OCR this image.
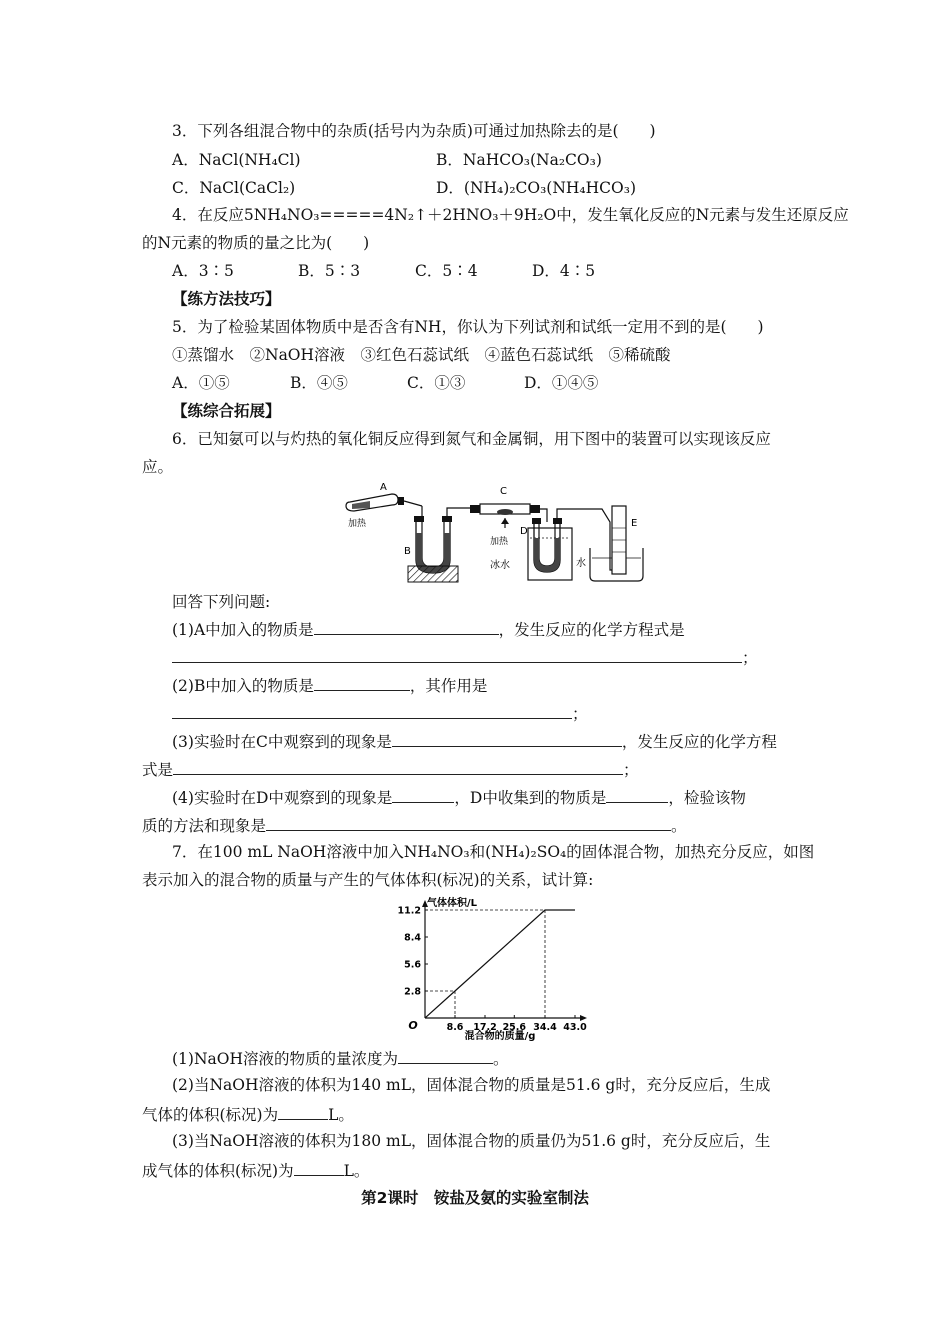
3．下列各组混合物中的杂质(括号内为杂质)可通过加热除去的是(　　)
A．NaCl(NH₄Cl)	B．NaHCO₃(Na₂CO₃)
C．NaCl(CaCl₂)	D．(NH₄)₂CO₃(NH₄HCO₃)
4．在反应5NH₄NO₃=====4N₂↑＋2HNO₃＋9H₂O中，发生氧化反应的N元素与发生还原反应
的N元素的物质的量之比为(　　)
A．3∶5	B．5∶3	C．5∶4	D．4∶5
【练方法技巧】
5．为了检验某固体物质中是否含有NH，你认为下列试剂和试纸一定用不到的是(　　)
①蒸馏水　②NaOH溶液　③红色石蕊试纸　④蓝色石蕊试纸　⑤稀硫酸
A．①⑤	B．④⑤	C．①③	D．①④⑤
【练综合拓展】
6．已知氨可以与灼热的氧化铜反应得到氮气和金属铜，用下图中的装置可以实现该反应
应。
A
加热
B
C
加热
D
冰水
E
水
回答下列问题:
(1)A中加入的物质是	，发生反应的化学方程式是
；
(2)B中加入的物质是	，其作用是
；
(3)实验时在C中观察到的现象是	，发生反应的化学方程
式是	；
(4)实验时在D中观察到的现象是	，D中收集到的物质是	，检验该物
质的方法和现象是	。
7．在100 mL NaOH溶液中加入NH₄NO₃和(NH₄)₂SO₄的固体混合物，加热充分反应，如图
表示加入的混合物的质量与产生的气体体积(标况)的关系，试计算:
气体体积/L
混合物的质量/g
O	8.6 17.2 25.6 34.4 43.0
11.2
8.4
5.6
2.8
(1)NaOH溶液的物质的量浓度为	。
(2)当NaOH溶液的体积为140 mL，固体混合物的质量是51.6 g时，充分反应后，生成
气体的体积(标况)为	L。
(3)当NaOH溶液的体积为180 mL，固体混合物的质量仍为51.6 g时，充分反应后，生
成气体的体积(标况)为	L。
第2课时　铵盐及氨的实验室制法
